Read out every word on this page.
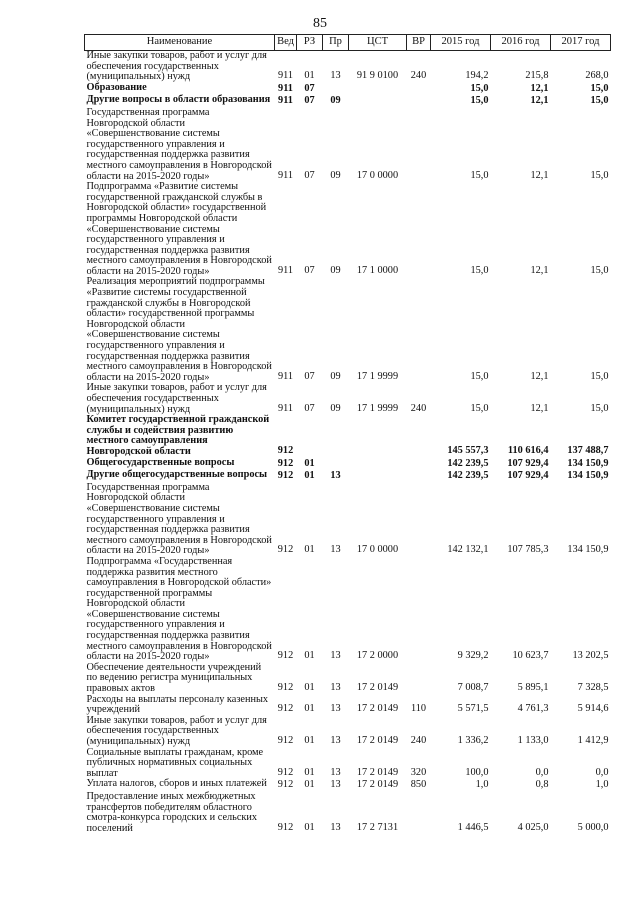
85
Наименование	Вед	РЗ	Пр	ЦСТ	ВР	2015 год	2016 год	2017 год
Иные закупки товаров, работ и услуг для обеспечения государственных (муниципальных) нужд	911	01	13	91 9 0100	240	194,2	215,8	268,0
Образование	911	07				15,0	12,1	15,0
Другие вопросы в области образования	911	07	09			15,0	12,1	15,0
Государственная программа Новгородской области «Совершенствование системы государственного управления и государственная поддержка развития местного самоуправления в Новгородской области на 2015-2020 годы»	911	07	09	17 0 0000		15,0	12,1	15,0
Подпрограмма «Развитие системы государственной гражданской службы в Новгородской области» государственной программы Новгородской области «Совершенствование системы государственного управления и государственная поддержка развития местного самоуправления в Новгородской области на 2015-2020 годы»	911	07	09	17 1 0000		15,0	12,1	15,0
Реализация мероприятий подпрограммы «Развитие системы государственной гражданской службы в Новгородской области» государственной программы Новгородской области «Совершенствование системы государственного управления и государственная поддержка развития местного самоуправления в Новгородской области на 2015-2020 годы»	911	07	09	17 1 9999		15,0	12,1	15,0
Иные закупки товаров, работ и услуг для обеспечения государственных (муниципальных) нужд	911	07	09	17 1 9999	240	15,0	12,1	15,0
Комитет государственной гражданской службы и содействия развитию местного самоуправления Новгородской области	912					145 557,3	110 616,4	137 488,7
Общегосударственные вопросы	912	01				142 239,5	107 929,4	134 150,9
Другие общегосударственные вопросы	912	01	13			142 239,5	107 929,4	134 150,9
Государственная программа Новгородской области «Совершенствование системы государственного управления и государственная поддержка развития местного самоуправления в Новгородской области на 2015-2020 годы»	912	01	13	17 0 0000		142 132,1	107 785,3	134 150,9
Подпрограмма «Государственная поддержка развития местного самоуправления в Новгородской области» государственной программы Новгородской области «Совершенствование системы государственного управления и государственная поддержка развития местного самоуправления в Новгородской области на 2015-2020 годы»	912	01	13	17 2 0000		9 329,2	10 623,7	13 202,5
Обеспечение деятельности учреждений по ведению регистра муниципальных правовых актов	912	01	13	17 2 0149		7 008,7	5 895,1	7 328,5
Расходы на выплаты персоналу казенных учреждений	912	01	13	17 2 0149	110	5 571,5	4 761,3	5 914,6
Иные закупки товаров, работ и услуг для обеспечения государственных (муниципальных) нужд	912	01	13	17 2 0149	240	1 336,2	1 133,0	1 412,9
Социальные выплаты гражданам, кроме публичных нормативных социальных выплат	912	01	13	17 2 0149	320	100,0	0,0	0,0
Уплата налогов, сборов и иных платежей	912	01	13	17 2 0149	850	1,0	0,8	1,0
Предоставление иных межбюджетных трансфертов победителям областного смотра-конкурса городских и сельских поселений	912	01	13	17 2 7131		1 446,5	4 025,0	5 000,0
